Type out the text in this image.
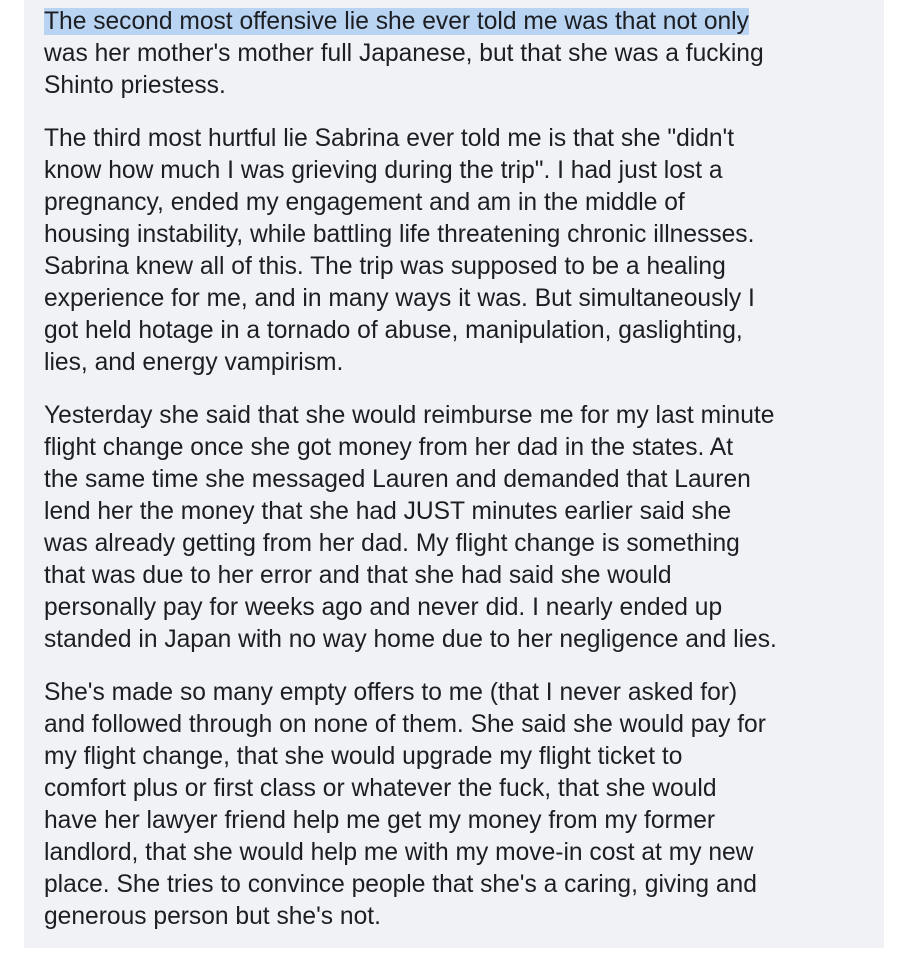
The second most offensive lie she ever told me was that not only
was her mother's mother full Japanese, but that she was a fucking
Shinto priestess.

The third most hurtful lie Sabrina ever told me is that she "didn't
know how much I was grieving during the trip". I had just lost a
pregnancy, ended my engagement and am in the middle of
housing instability, while battling life threatening chronic illnesses.
Sabrina knew all of this. The trip was supposed to be a healing
experience for me, and in many ways it was. But simultaneously I
got held hotage in a tornado of abuse, manipulation, gaslighting,
lies, and energy vampirism.

Yesterday she said that she would reimburse me for my last minute
flight change once she got money from her dad in the states. At
the same time she messaged Lauren and demanded that Lauren
lend her the money that she had JUST minutes earlier said she
was already getting from her dad. My flight change is something
that was due to her error and that she had said she would
personally pay for weeks ago and never did. I nearly ended up
standed in Japan with no way home due to her negligence and lies.

She's made so many empty offers to me (that I never asked for)
and followed through on none of them. She said she would pay for
my flight change, that she would upgrade my flight ticket to
comfort plus or first class or whatever the fuck, that she would
have her lawyer friend help me get my money from my former
landlord, that she would help me with my move-in cost at my new
place. She tries to convince people that she's a caring, giving and
generous person but she's not.
